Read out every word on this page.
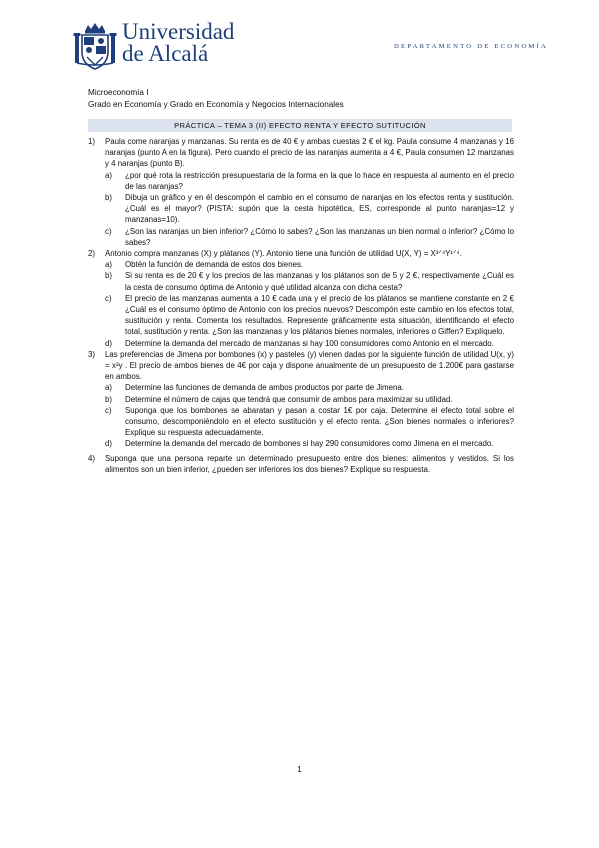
Universidad
de Alcalá	DEPARTAMENTO DE ECONOMÍA
Microeconomía I
Grado en Economía y Grado en Economía y Negocios Internacionales
PRÁCTICA – TEMA 3 (II) EFECTO RENTA Y EFECTO SUTITUCIÓN
1) Paula come naranjas y manzanas. Su renta es de 40 € y ambas cuestas 2 € el kg. Paula consume 4 manzanas y 16 naranjas (punto A en la figura). Pero cuando el precio de las naranjas aumenta a 4 €, Paula consumen 12 manzanas y 4 naranjas (punto B).

a) ¿por qué rota la restricción presupuestaria de la forma en la que lo hace en respuesta al aumento en el precio de las naranjas?

b) Dibuja un gráfico y en él descompón el cambio en el consumo de naranjas en los efectos renta y sustitución. ¿Cuál es el mayor? (PISTA: supón que la cesta hipotética, ES, corresponde al punto naranjas=12 y manzanas=10).

c) ¿Son las naranjas un bien inferior? ¿Cómo lo sabes? ¿Son las manzanas un bien normal o inferior? ¿Cómo lo sabes?

2) Antonio compra manzanas (X) y plátanos (Y). Antonio tiene una función de utilidad U(X, Y) = X³ᐟ⁴Y¹ᐟ⁴.

a) Obtén la función de demanda de estos dos bienes.

b) Si su renta es de 20 € y los precios de las manzanas y los plátanos son de 5 y 2 €, respectivamente ¿Cuál es la cesta de consumo óptima de Antonio y qué utilidad alcanza con dicha cesta?

c) El precio de las manzanas aumenta a 10 € cada una y el precio de los plátanos se mantiene constante en 2 € ¿Cuál es el consumo óptimo de Antonio con los precios nuevos? Descompón este cambio en los efectos total, sustitución y renta. Comenta los resultados. Represente gráficamente esta situación, identificando el efecto total, sustitución y renta. ¿Son las manzanas y los plátanos bienes normales, inferiores o Giffen? Explíquelo.

d) Determine la demanda del mercado de manzanas si hay 100 consumidores como Antonio en el mercado.

3) Las preferencias de Jimena por bombones (x) y pasteles (y) vienen dadas por la siguiente función de utilidad U(x, y) = x²y . El precio de ambos bienes de 4€ por caja y dispone anualmente de un presupuesto de 1.200€ para gastarse en ambos.

a) Determine las funciones de demanda de ambos productos por parte de Jimena.

b) Determine el número de cajas que tendrá que consumir de ambos para maximizar su utilidad.

c) Suponga que los bombones se abaratan y pasan a costar 1€ por caja. Determine el efecto total sobre el consumo, descomponiéndolo en el efecto sustitución y el efecto renta. ¿Son bienes normales o inferiores? Explique su respuesta adecuadamente.

d) Determine la demanda del mercado de bombones si hay 290 consumidores como Jimena en el mercado.

4) Suponga que una persona reparte un determinado presupuesto entre dos bienes: alimentos y vestidos. Si los alimentos son un bien inferior, ¿pueden ser inferiores los dos bienes? Explique su respuesta.

1
